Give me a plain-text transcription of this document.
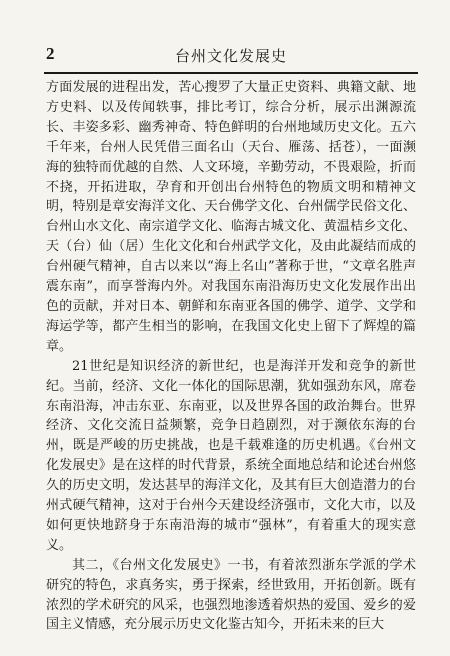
2	台州文化发展史

方面发展的进程出发，苦心搜罗了大量正史资料、典籍文献、地方史料、以及传闻轶事，排比考订，综合分析，展示出渊源流长、丰姿多彩、幽秀神奇、特色鲜明的台州地域历史文化。五六千年来，台州人民凭借三面名山（天台、雁荡、括苍），一面濒海的独特而优越的自然、人文环境，辛勤劳动，不畏艰险，折而不挠，开拓进取，孕育和开创出台州特色的物质文明和精神文明，特别是章安海洋文化、天台佛学文化、台州儒学民俗文化、台州山水文化、南宗道学文化、临海古城文化、黄温桔乡文化、天（台）仙（居）生化文化和台州武学文化，及由此凝结而成的台州硬气精神，自古以来以“海上名山”著称于世，“文章名胜声震东南”，而享誉海内外。对我国东南沿海历史文化发展作出出色的贡献，并对日本、朝鲜和东南亚各国的佛学、道学、文学和海运学等，都产生相当的影响，在我国文化史上留下了辉煌的篇章。

21世纪是知识经济的新世纪，也是海洋开发和竞争的新世纪。当前，经济、文化一体化的国际思潮，犹如强劲东风，席卷东南沿海，冲击东亚、东南亚，以及世界各国的政治舞台。世界经济、文化交流日益频繁，竞争日趋剧烈，对于濒依东海的台州，既是严峻的历史挑战，也是千载难逢的历史机遇。《台州文化发展史》是在这样的时代背景，系统全面地总结和论述台州悠久的历史文明，发达甚早的海洋文化，及其有巨大创造潜力的台州式硬气精神，这对于台州今天建设经济强市，文化大市，以及如何更快地跻身于东南沿海的城市“强林”，有着重大的现实意义。

其二，《台州文化发展史》一书，有着浓烈浙东学派的学术研究的特色，求真务实，勇于探索，经世致用，开拓创新。既有浓烈的学术研究的风采，也强烈地渗透着炽热的爱国、爱乡的爱国主义情感，充分展示历史文化鉴古知今，开拓未来的巨大
